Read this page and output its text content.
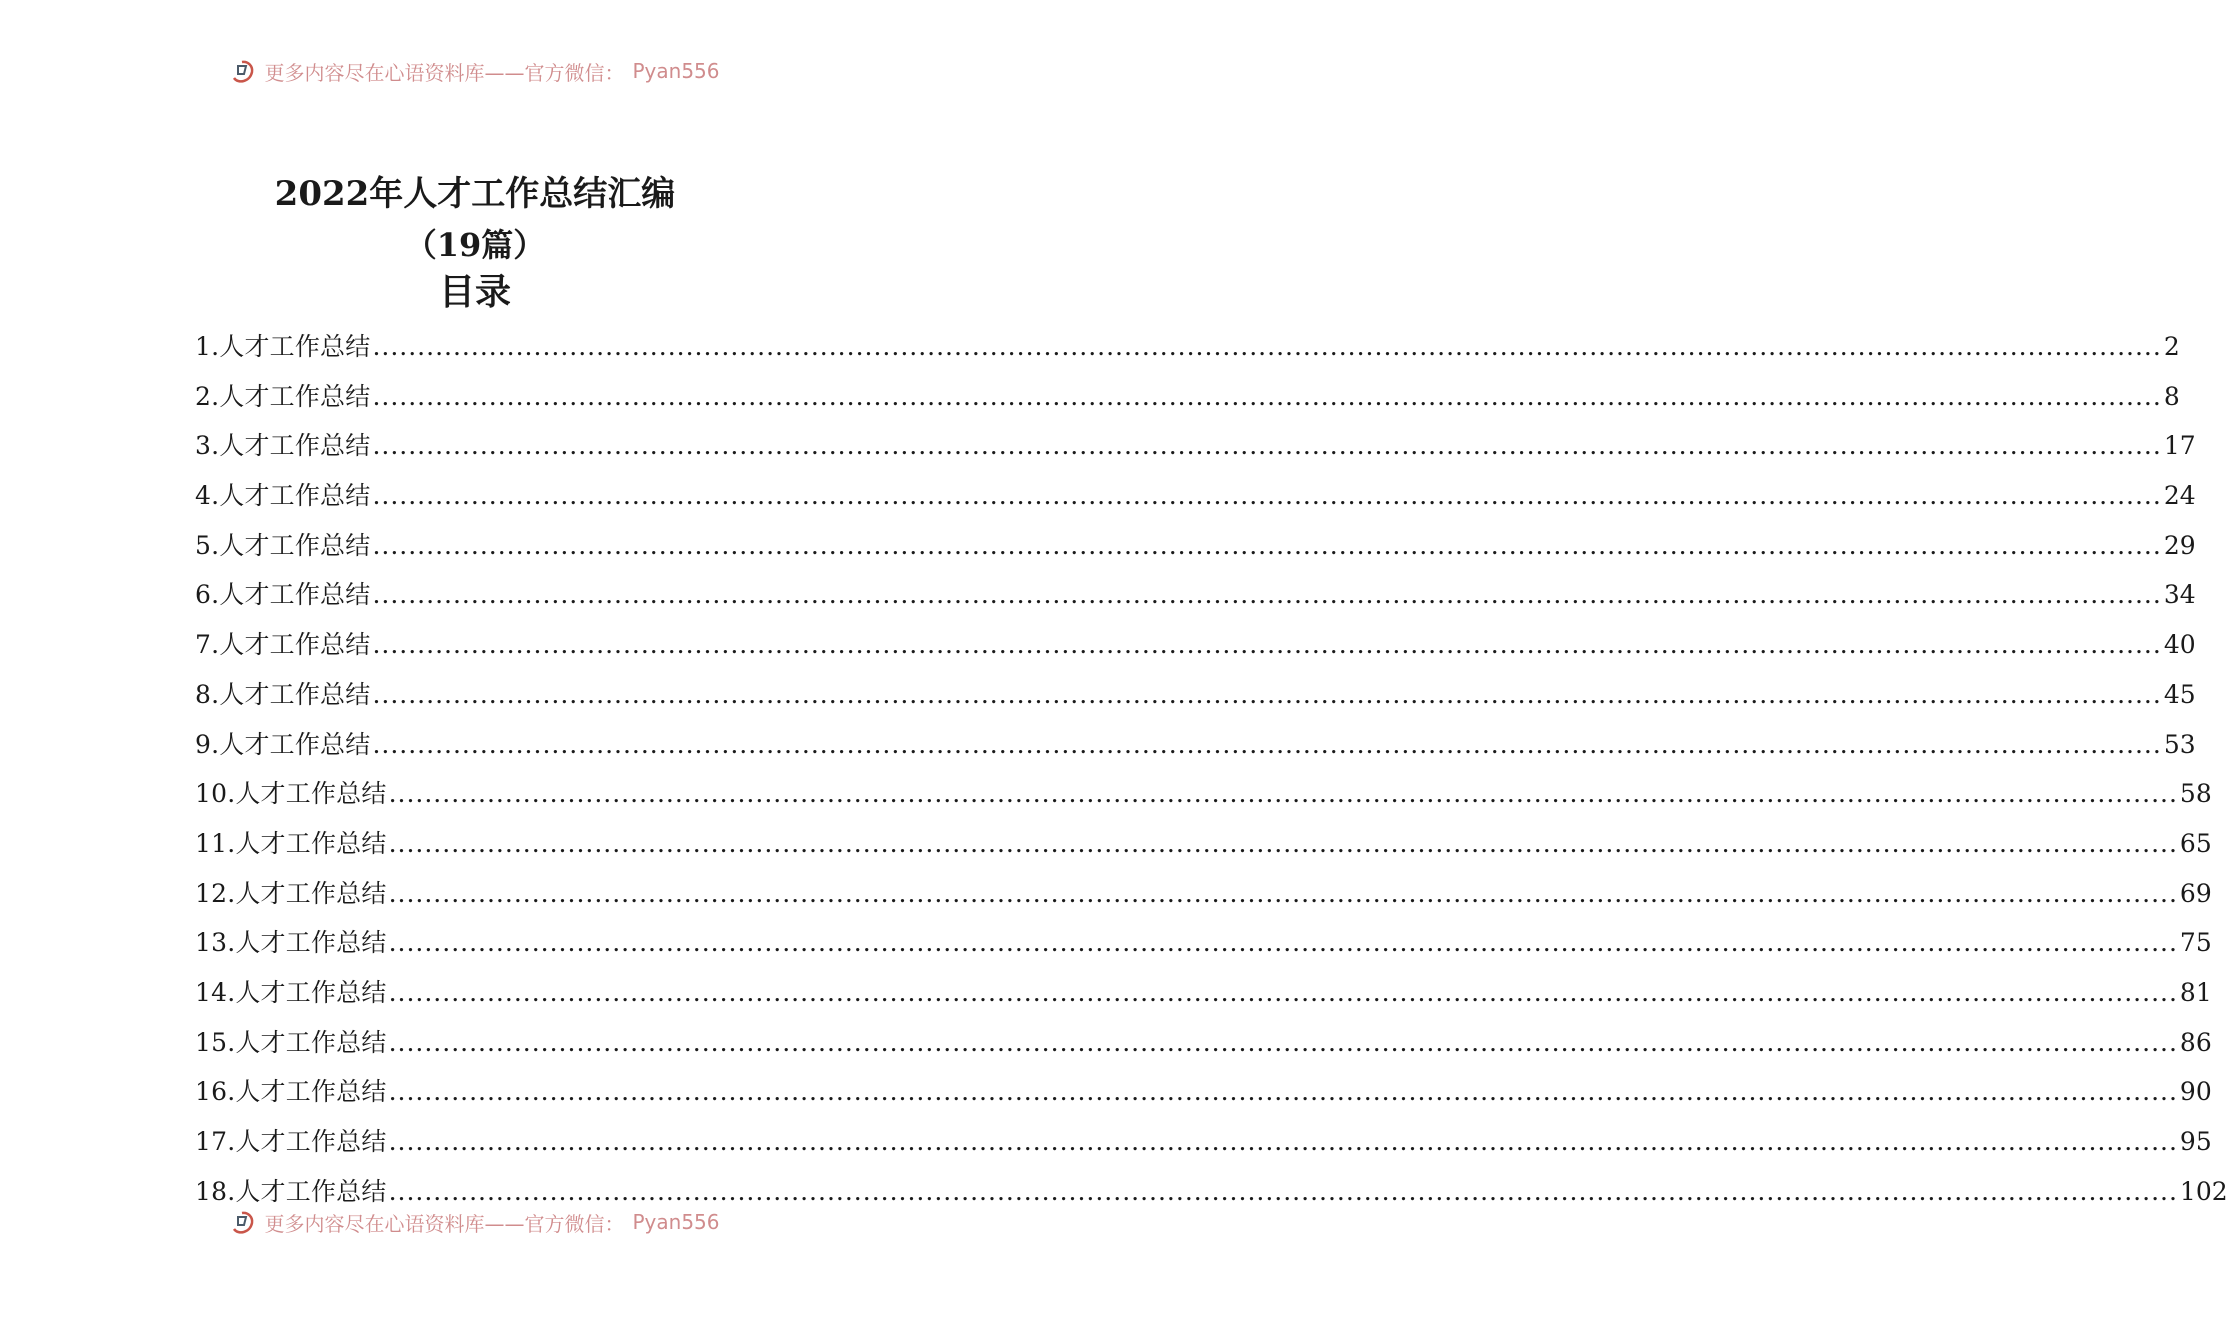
更多内容尽在心语资料库——官方微信： Pyan556
2022年人才工作总结汇编
（19篇）
目录
1.人才工作总结 ........................................................................................................................................................................................................ 2
2.人才工作总结 ........................................................................................................................................................................................................ 8
3.人才工作总结 ........................................................................................................................................................................................................ 17
4.人才工作总结 ........................................................................................................................................................................................................ 24
5.人才工作总结 ........................................................................................................................................................................................................ 29
6.人才工作总结 ........................................................................................................................................................................................................ 34
7.人才工作总结 ........................................................................................................................................................................................................ 40
8.人才工作总结 ........................................................................................................................................................................................................ 45
9.人才工作总结 ........................................................................................................................................................................................................ 53
10.人才工作总结 ........................................................................................................................................................................................................ 58
11.人才工作总结 ........................................................................................................................................................................................................ 65
12.人才工作总结 ........................................................................................................................................................................................................ 69
13.人才工作总结 ........................................................................................................................................................................................................ 75
14.人才工作总结 ........................................................................................................................................................................................................ 81
15.人才工作总结 ........................................................................................................................................................................................................ 86
16.人才工作总结 ........................................................................................................................................................................................................ 90
17.人才工作总结 ........................................................................................................................................................................................................ 95
18.人才工作总结 ........................................................................................................................................................................................................ 102
更多内容尽在心语资料库——官方微信： Pyan556
